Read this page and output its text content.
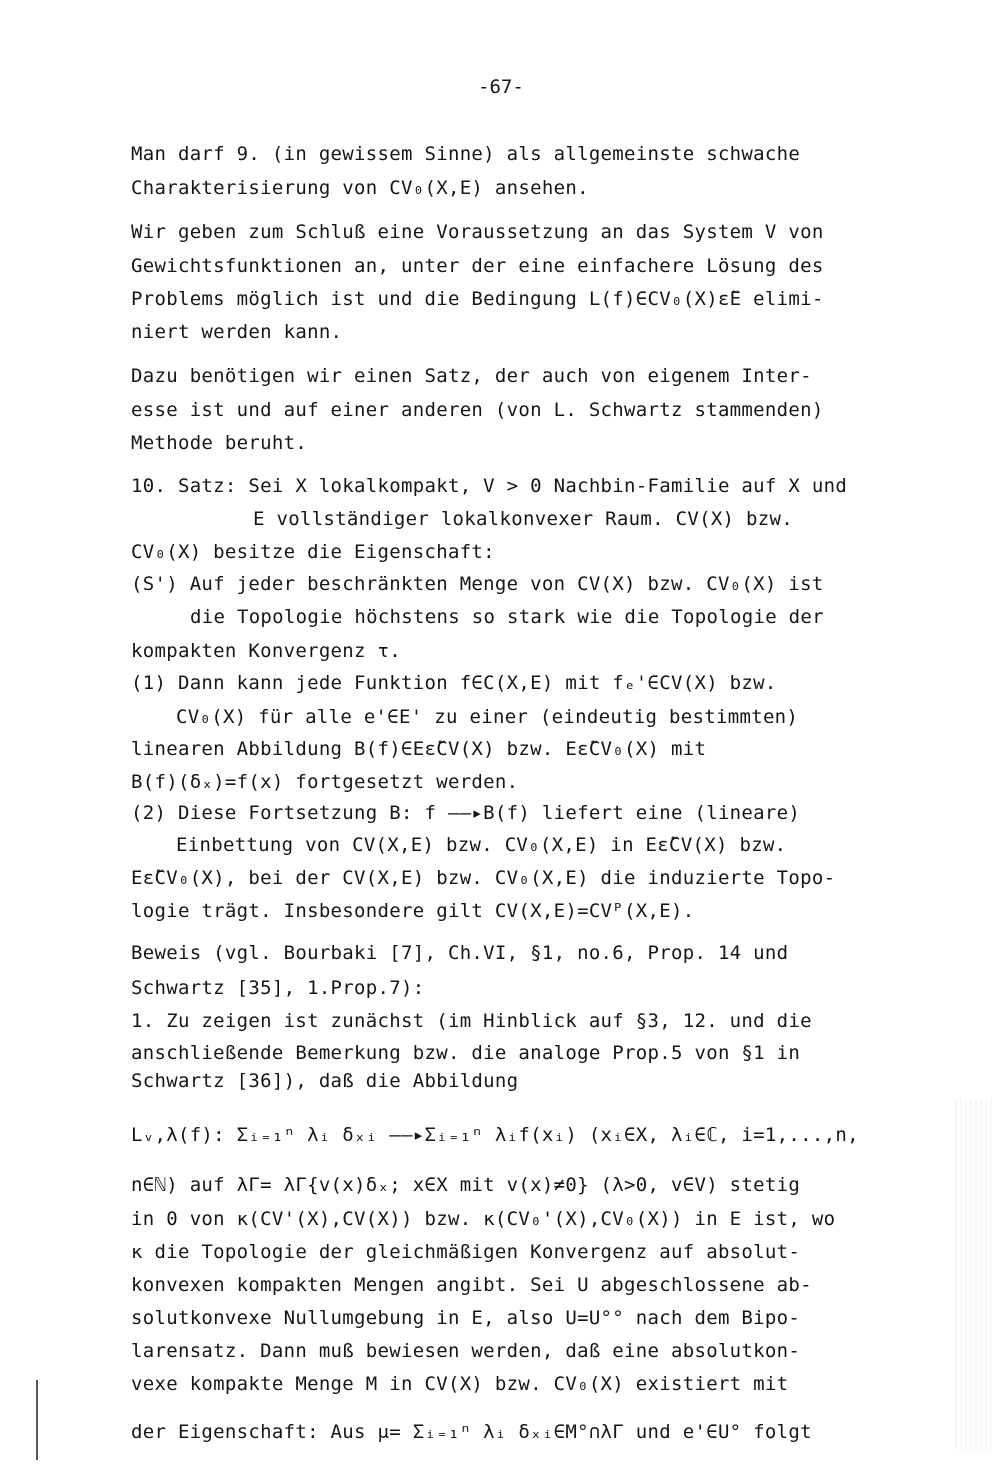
-67-
Man darf 9. (in gewissem Sinne) als allgemeinste schwache
Charakterisierung von CV₀(X,E) ansehen.
Wir geben zum Schluß eine Voraussetzung an das System V von
Gewichtsfunktionen an, unter der eine einfachere Lösung des
Problems möglich ist und die Bedingung L(f)∈CV₀(X)ε̃E elimi-
niert werden kann.
Dazu benötigen wir einen Satz, der auch von eigenem Inter-
esse ist und auf einer anderen (von L. Schwartz stammenden)
Methode beruht.
10. Satz: Sei X lokalkompakt, V > 0 Nachbin-Familie auf X und
E vollständiger lokalkonvexer Raum. CV(X) bzw.
CV₀(X) besitze die Eigenschaft:
(S') Auf jeder beschränkten Menge von CV(X) bzw. CV₀(X) ist
die Topologie höchstens so stark wie die Topologie der
kompakten Konvergenz τ.
(1) Dann kann jede Funktion f∈C(X,E) mit fₑ'∈CV(X) bzw.
CV₀(X) für alle e'∈E' zu einer (eindeutig bestimmten)
linearen Abbildung B(f)∈Eε̃CV(X) bzw. Eε̃CV₀(X) mit
B(f)(δₓ)=f(x) fortgesetzt werden.
(2) Diese Fortsetzung B: f ——▸B(f) liefert eine (lineare)
Einbettung von CV(X,E) bzw. CV₀(X,E) in Eε̃CV(X) bzw.
Eε̃CV₀(X), bei der CV(X,E) bzw. CV₀(X,E) die induzierte Topo-
logie trägt. Insbesondere gilt CV(X,E)=CVᴾ(X,E).
Beweis (vgl. Bourbaki [7], Ch.VI, §1, no.6, Prop. 14 und
Schwartz [35], 1.Prop.7):
1. Zu zeigen ist zunächst (im Hinblick auf §3, 12. und die
anschließende Bemerkung bzw. die analoge Prop.5 von §1 in
Schwartz [36]), daß die Abbildung
Lᵥ,λ(f): Σᵢ₌₁ⁿ λᵢ δₓᵢ ——▸Σᵢ₌₁ⁿ λᵢf(xᵢ) (xᵢ∈X, λᵢ∈ℂ, i=1,...,n,
n∈ℕ) auf λΓ= λΓ{v(x)δₓ; x∈X mit v(x)≠0} (λ>0, v∈V) stetig
in 0 von κ(CV'(X),CV(X)) bzw. κ(CV₀'(X),CV₀(X)) in E ist, wo
κ die Topologie der gleichmäßigen Konvergenz auf absolut-
konvexen kompakten Mengen angibt. Sei U abgeschlossene ab-
solutkonvexe Nullumgebung in E, also U=U°° nach dem Bipo-
larensatz. Dann muß bewiesen werden, daß eine absolutkon-
vexe kompakte Menge M in CV(X) bzw. CV₀(X) existiert mit
der Eigenschaft: Aus μ= Σᵢ₌₁ⁿ λᵢ δₓᵢ∈M°∩λΓ und e'∈U° folgt
